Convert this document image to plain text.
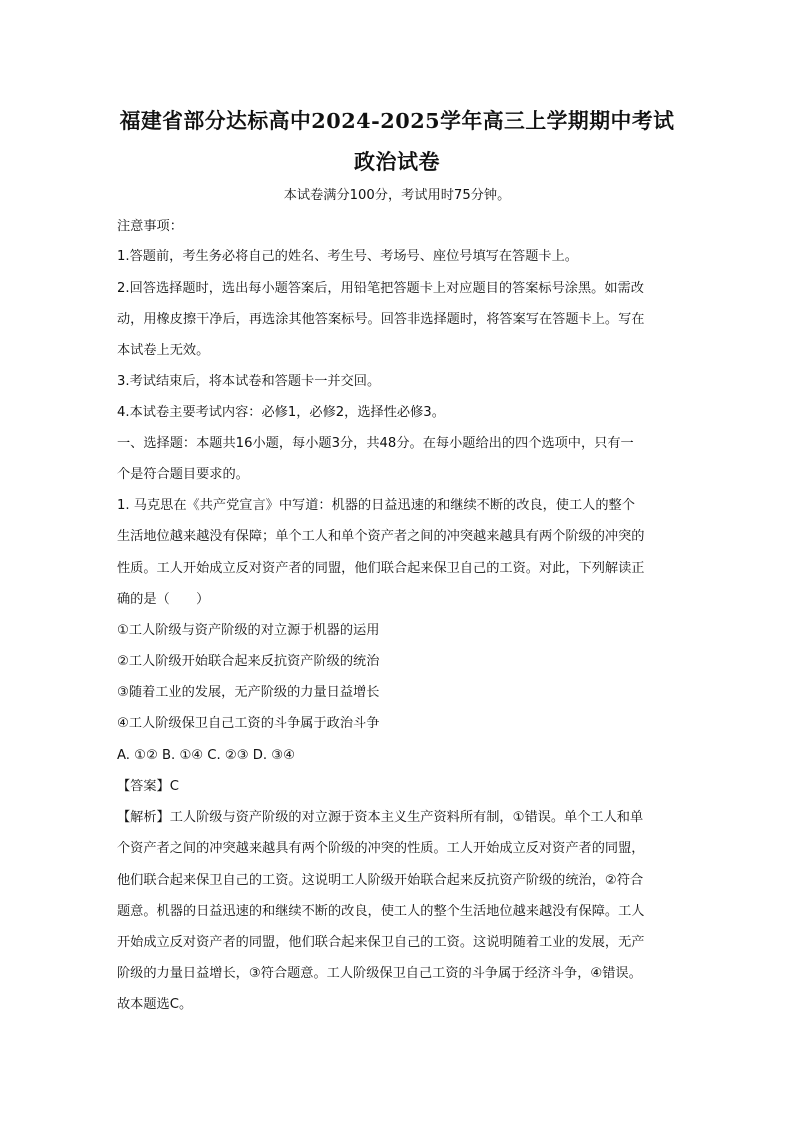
福建省部分达标高中2024-2025学年高三上学期期中考试
政治试卷
本试卷满分100分，考试用时75分钟。
注意事项：
1.答题前，考生务必将自己的姓名、考生号、考场号、座位号填写在答题卡上。
2.回答选择题时，选出每小题答案后，用铅笔把答题卡上对应题目的答案标号涂黑。如需改
动，用橡皮擦干净后，再选涂其他答案标号。回答非选择题时，将答案写在答题卡上。写在
本试卷上无效。
3.考试结束后，将本试卷和答题卡一并交回。
4.本试卷主要考试内容：必修1，必修2，选择性必修3。
一、选择题：本题共16小题，每小题3分，共48分。在每小题给出的四个选项中，只有一
个是符合题目要求的。
1. 马克思在《共产党宣言》中写道：机器的日益迅速的和继续不断的改良，使工人的整个
生活地位越来越没有保障；单个工人和单个资产者之间的冲突越来越具有两个阶级的冲突的
性质。工人开始成立反对资产者的同盟，他们联合起来保卫自己的工资。对此，下列解读正
确的是（　　）
①工人阶级与资产阶级的对立源于机器的运用
②工人阶级开始联合起来反抗资产阶级的统治
③随着工业的发展，无产阶级的力量日益增长
④工人阶级保卫自己工资的斗争属于政治斗争
A. ①② B. ①④ C. ②③ D. ③④
【答案】C
【解析】工人阶级与资产阶级的对立源于资本主义生产资料所有制，①错误。单个工人和单
个资产者之间的冲突越来越具有两个阶级的冲突的性质。工人开始成立反对资产者的同盟，
他们联合起来保卫自己的工资。这说明工人阶级开始联合起来反抗资产阶级的统治，②符合
题意。机器的日益迅速的和继续不断的改良，使工人的整个生活地位越来越没有保障。工人
开始成立反对资产者的同盟，他们联合起来保卫自己的工资。这说明随着工业的发展，无产
阶级的力量日益增长，③符合题意。工人阶级保卫自己工资的斗争属于经济斗争，④错误。
故本题选C。
